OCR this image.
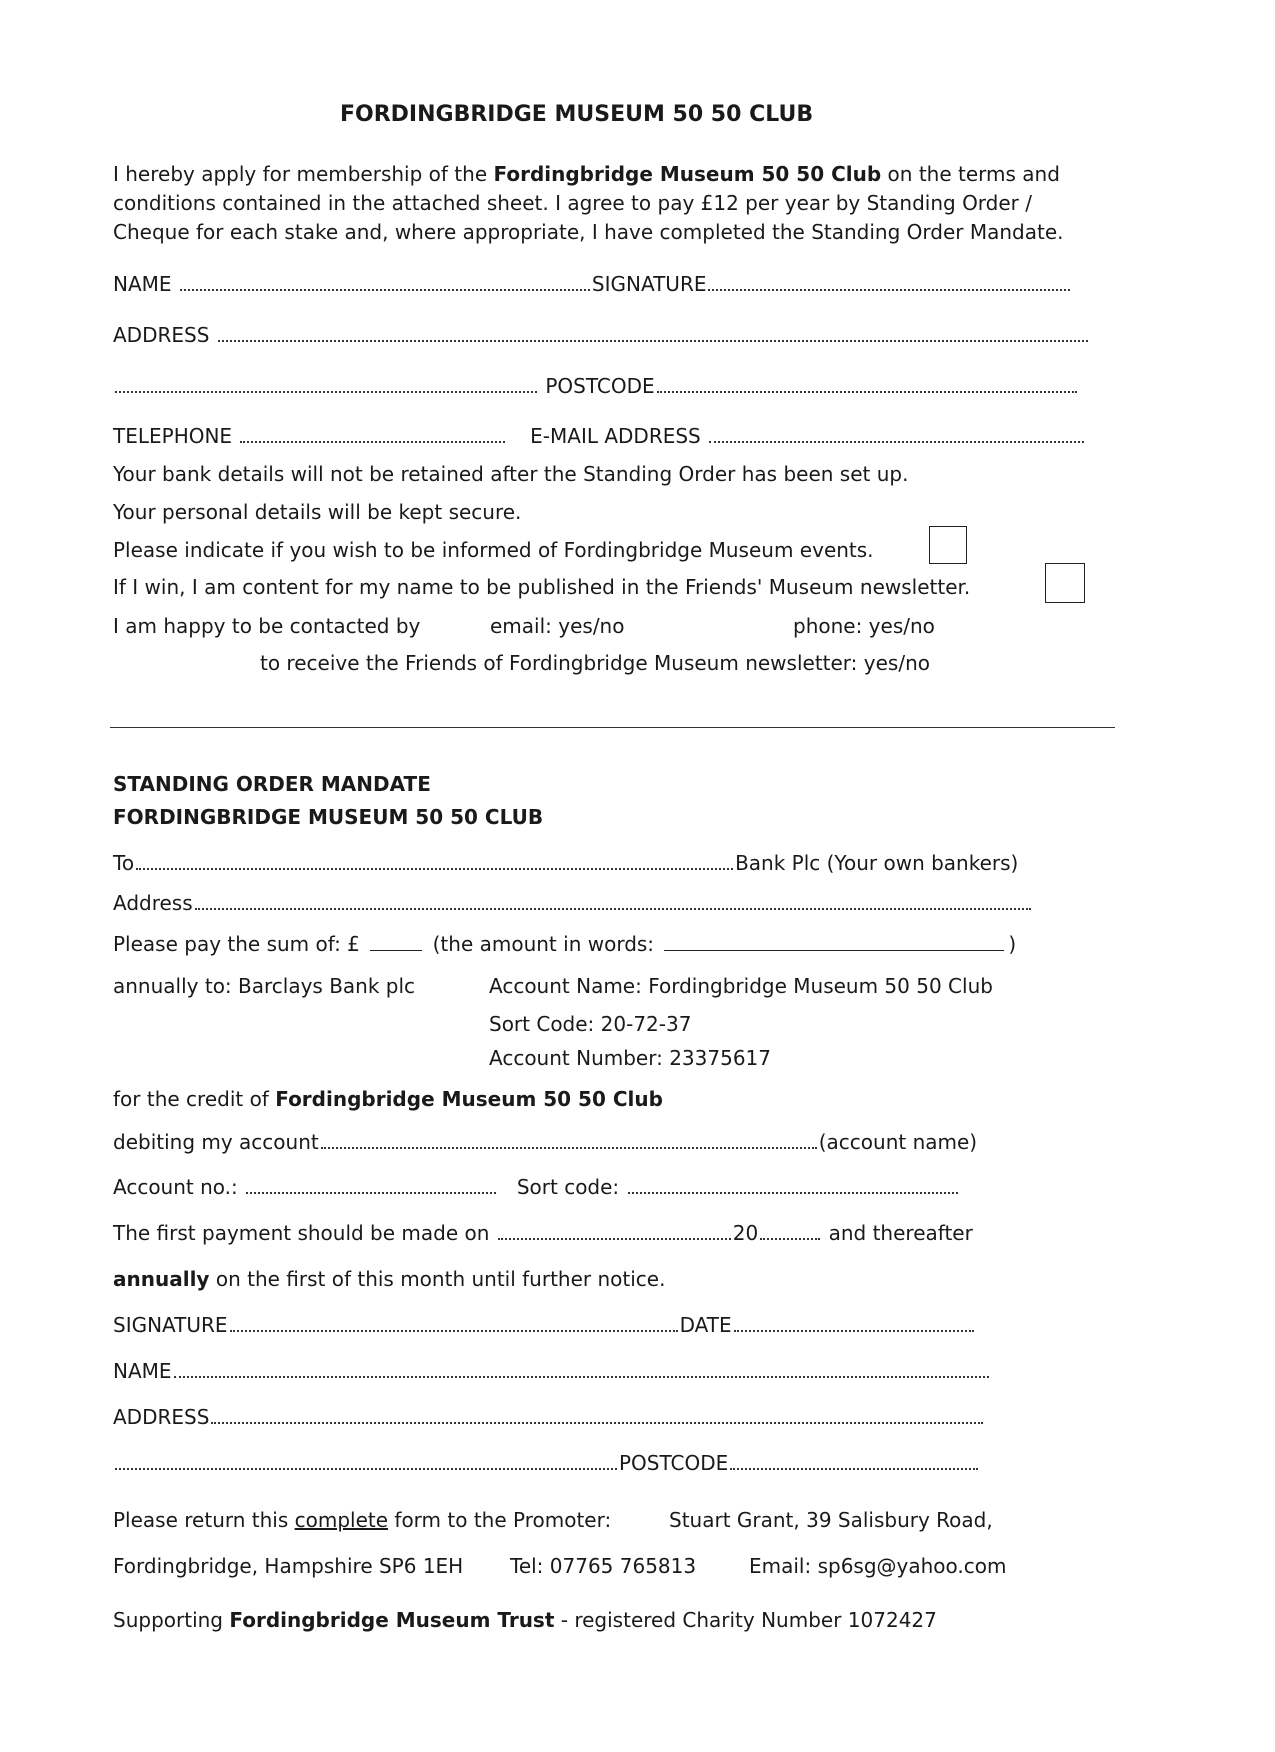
FORDINGBRIDGE MUSEUM 50 50 CLUB
I hereby apply for membership of the Fordingbridge Museum 50 50 Club on the terms and
conditions contained in the attached sheet. I agree to pay £12 per year by Standing Order /
Cheque for each stake and, where appropriate, I have completed the Standing Order Mandate.
NAME	SIGNATURE
ADDRESS
POSTCODE
TELEPHONE	E-MAIL ADDRESS
Your bank details will not be retained after the Standing Order has been set up.
Your personal details will be kept secure.
Please indicate if you wish to be informed of Fordingbridge Museum events.
If I win, I am content for my name to be published in the Friends' Museum newsletter.
I am happy to be contacted by	email: yes/no	phone: yes/no
to receive the Friends of Fordingbridge Museum newsletter: yes/no
STANDING ORDER MANDATE
FORDINGBRIDGE MUSEUM 50 50 CLUB
To	Bank Plc (Your own bankers)
Address
Please pay the sum of: £	(the amount in words:	)
annually to: Barclays Bank plc	Account Name: Fordingbridge Museum 50 50 Club
Sort Code: 20-72-37
Account Number: 23375617
for the credit of Fordingbridge Museum 50 50 Club
debiting my account	(account name)
Account no.:	Sort code:
The first payment should be made on	20	and thereafter
annually on the first of this month until further notice.
SIGNATURE	DATE
NAME
ADDRESS
POSTCODE
Please return this complete form to the Promoter:	Stuart Grant, 39 Salisbury Road,
Fordingbridge, Hampshire SP6 1EH Tel: 07765 765813	Email: sp6sg@yahoo.com
Supporting Fordingbridge Museum Trust - registered Charity Number 1072427
